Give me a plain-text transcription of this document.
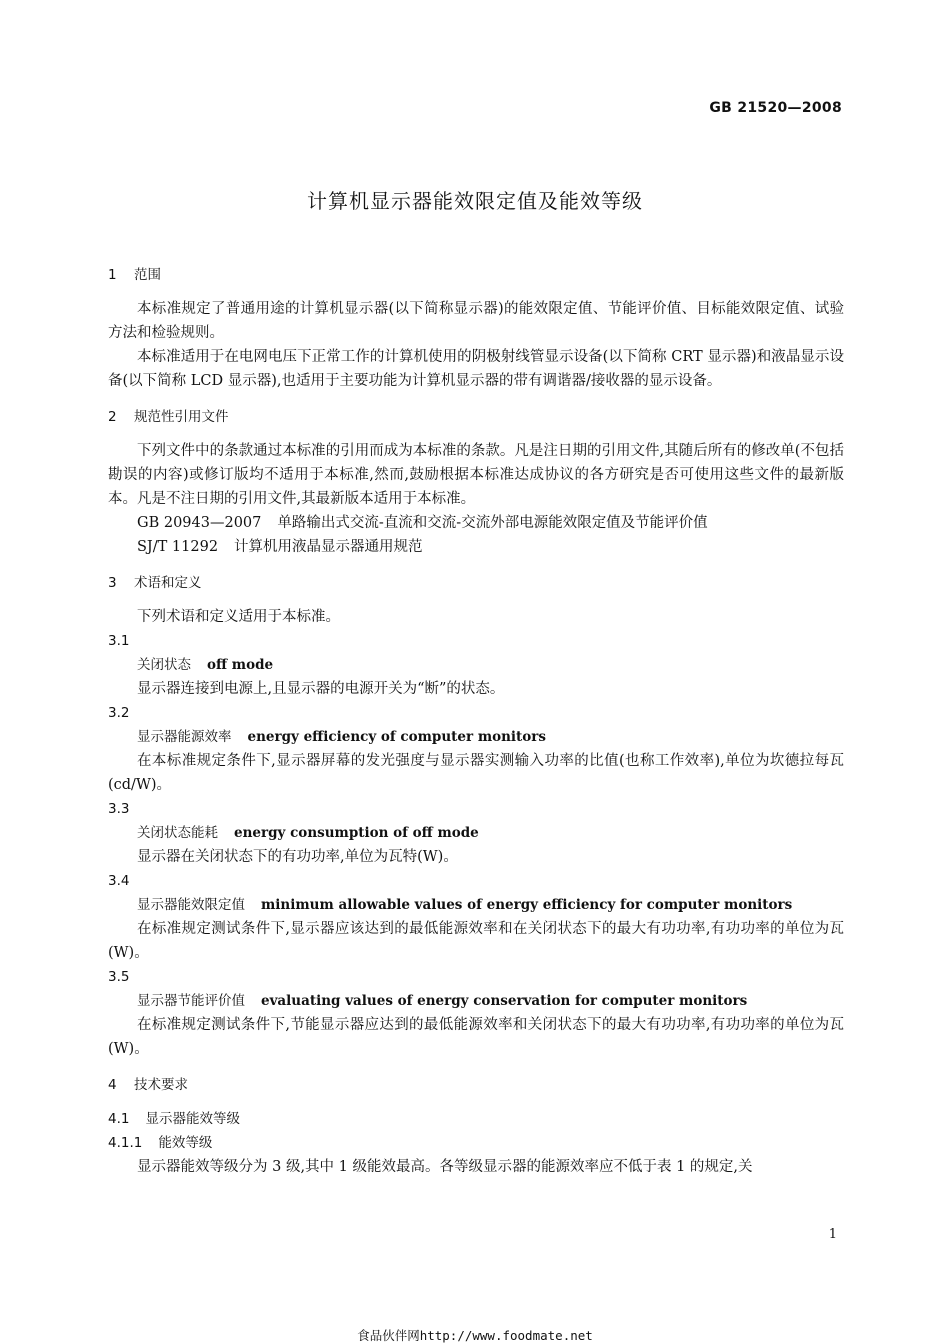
GB 21520—2008
计算机显示器能效限定值及能效等级
1 范围
本标准规定了普通用途的计算机显示器(以下简称显示器)的能效限定值、节能评价值、目标能效限定值、试验方法和检验规则。
本标准适用于在电网电压下正常工作的计算机使用的阴极射线管显示设备(以下简称 CRT 显示器)和液晶显示设备(以下简称 LCD 显示器),也适用于主要功能为计算机显示器的带有调谐器/接收器的显示设备。
2 规范性引用文件
下列文件中的条款通过本标准的引用而成为本标准的条款。凡是注日期的引用文件,其随后所有的修改单(不包括勘误的内容)或修订版均不适用于本标准,然而,鼓励根据本标准达成协议的各方研究是否可使用这些文件的最新版本。凡是不注日期的引用文件,其最新版本适用于本标准。
GB 20943—2007 单路输出式交流-直流和交流-交流外部电源能效限定值及节能评价值
SJ/T 11292 计算机用液晶显示器通用规范
3 术语和定义
下列术语和定义适用于本标准。
3.1
关闭状态 off mode
显示器连接到电源上,且显示器的电源开关为“断”的状态。
3.2
显示器能源效率 energy efficiency of computer monitors
在本标准规定条件下,显示器屏幕的发光强度与显示器实测输入功率的比值(也称工作效率),单位为坎德拉每瓦(cd/W)。
3.3
关闭状态能耗 energy consumption of off mode
显示器在关闭状态下的有功功率,单位为瓦特(W)。
3.4
显示器能效限定值 minimum allowable values of energy efficiency for computer monitors
在标准规定测试条件下,显示器应该达到的最低能源效率和在关闭状态下的最大有功功率,有功功率的单位为瓦(W)。
3.5
显示器节能评价值 evaluating values of energy conservation for computer monitors
在标准规定测试条件下,节能显示器应达到的最低能源效率和关闭状态下的最大有功功率,有功功率的单位为瓦(W)。
4 技术要求
4.1 显示器能效等级
4.1.1 能效等级
显示器能效等级分为 3 级,其中 1 级能效最高。各等级显示器的能源效率应不低于表 1 的规定,关
1
食品伙伴网http://www.foodmate.net
